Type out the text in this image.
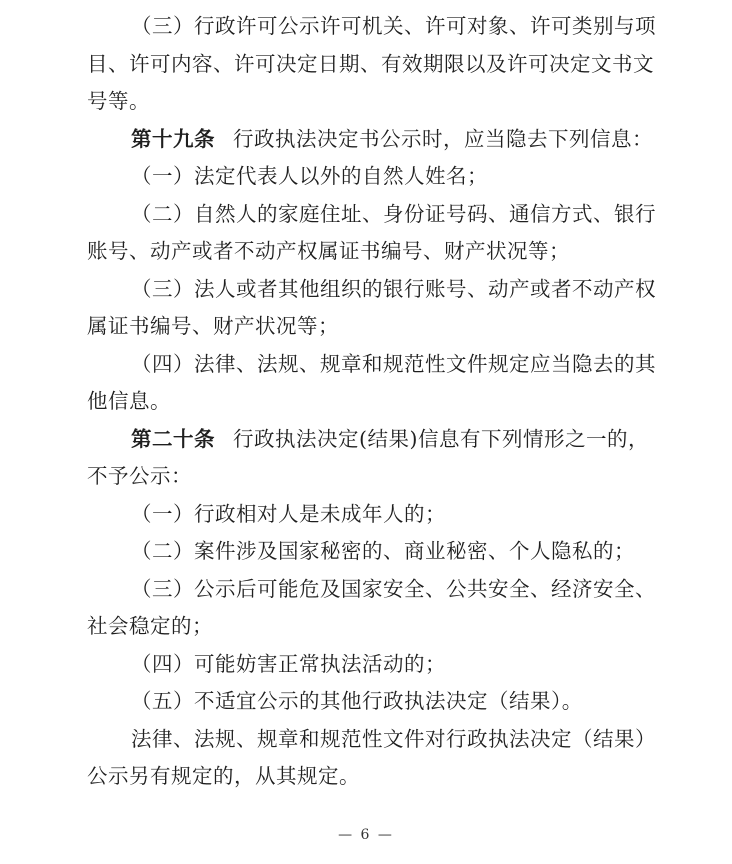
（三）行政许可公示许可机关、许可对象、许可类别与项
目、许可内容、许可决定日期、有效期限以及许可决定文书文
号等。
第十九条 行政执法决定书公示时，应当隐去下列信息：
（一）法定代表人以外的自然人姓名；
（二）自然人的家庭住址、身份证号码、通信方式、银行
账号、动产或者不动产权属证书编号、财产状况等；
（三）法人或者其他组织的银行账号、动产或者不动产权
属证书编号、财产状况等；
（四）法律、法规、规章和规范性文件规定应当隐去的其
他信息。
第二十条 行政执法决定(结果)信息有下列情形之一的，
不予公示：
（一）行政相对人是未成年人的；
（二）案件涉及国家秘密的、商业秘密、个人隐私的；
（三）公示后可能危及国家安全、公共安全、经济安全、
社会稳定的；
（四）可能妨害正常执法活动的；
（五）不适宜公示的其他行政执法决定（结果）。
法律、法规、规章和规范性文件对行政执法决定（结果）
公示另有规定的，从其规定。
— 6 —
